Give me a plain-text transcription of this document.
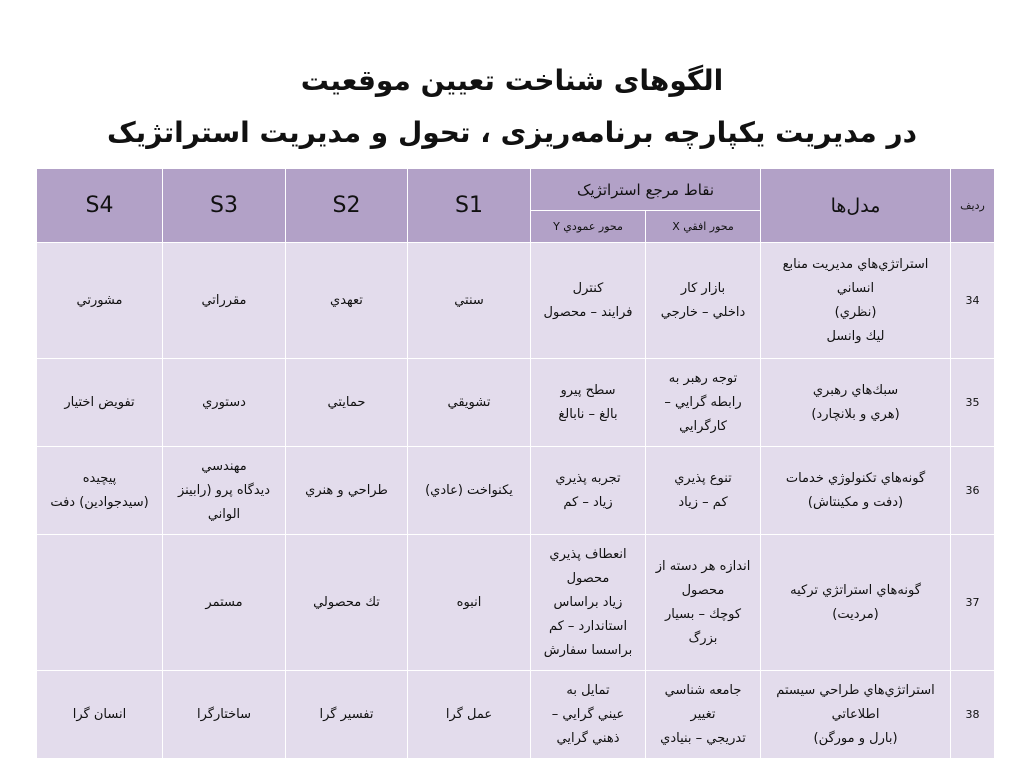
الگوهای شناخت تعیین موقعیت
در مدیریت یکپارچه برنامه‌ریزی ، تحول و مدیریت استراتژیک
رديف	مدل‌ها	نقاط مرجع استراتژیک		S1	S2	S3	S4
		محور افقي X	محور عمودي Y				
34	استراتژي‌هاي مديريت منابع
انساني
(نظري)
ليك وانسل	بازار كار
داخلي – خارجي	كنترل
فرايند – محصول	سنتي	تعهدي	مقرراتي	مشورتي

35	سبك‌هاي رهبري
(هري و بلانچارد)	توجه رهبر به
رابطه گرايي –
كارگرايي	سطح پيرو
بالغ – نابالغ	تشويقي	حمايتي	دستوري	تفويض اختيار

36	گونه‌هاي تكنولوژي خدمات
(دفت و مكينتاش)	تنوع پذيري
كم – زياد	تجربه پذيري
زياد – كم	يكنواخت (عادي)	طراحي و هنري	مهندسي
ديدگاه پرو (رابينز
الواني	پيچيده
(سيدجوادين) دفت

37	گونه‌هاي استراتژي تركيه
(مرديت)	اندازه هر دسته از
محصول
كوچك – بسيار
بزرگ	انعطاف پذيري
محصول
زياد براساس
استاندارد – كم
براسسا سفارش	انبوه	تك محصولي	مستمر	

38	استراتژي‌هاي طراحي سيستم
اطلاعاتي
(بارل و مورگن)	جامعه شناسي
تغيير
تدريجي – بنيادي	تمايل به
عيني گرايي –
ذهني گرايي	عمل گرا	تفسير گرا	ساختارگرا	انسان گرا
